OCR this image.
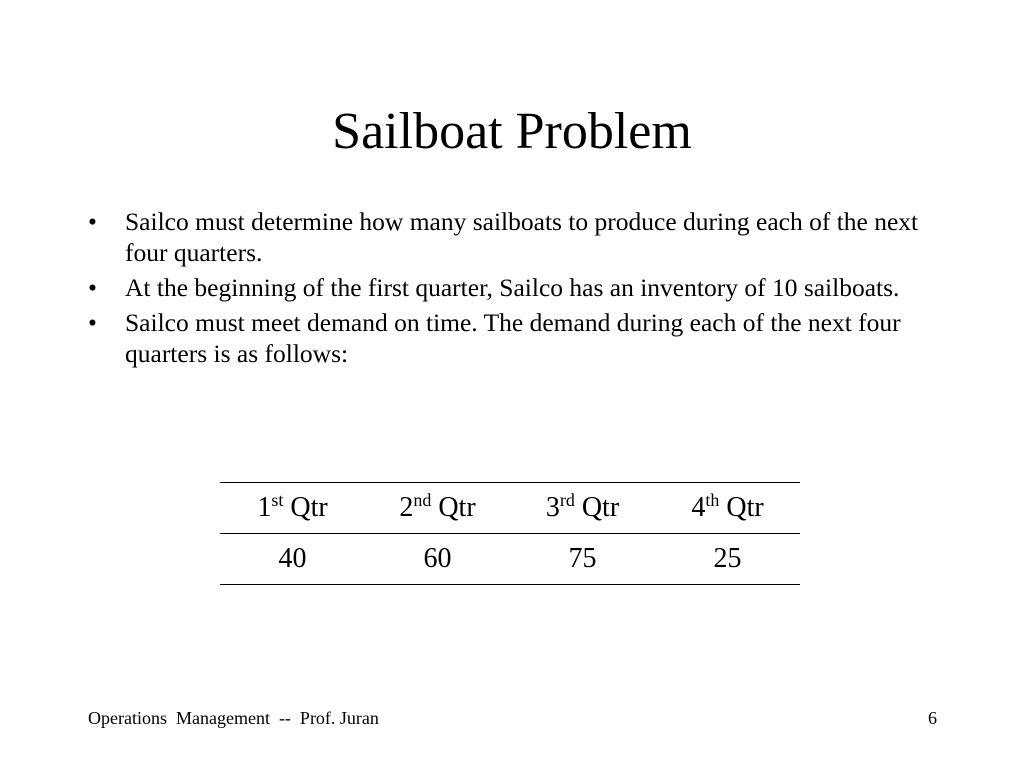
Sailboat Problem
• Sailco must determine how many sailboats to produce during each of the next four quarters.
• At the beginning of the first quarter, Sailco has an inventory of 10 sailboats.
• Sailco must meet demand on time. The demand during each of the next four quarters is as follows:
1st Qtr	2nd Qtr	3rd Qtr	4th Qtr
40	60	75	25
Operations  Management  --  Prof. Juran	6
